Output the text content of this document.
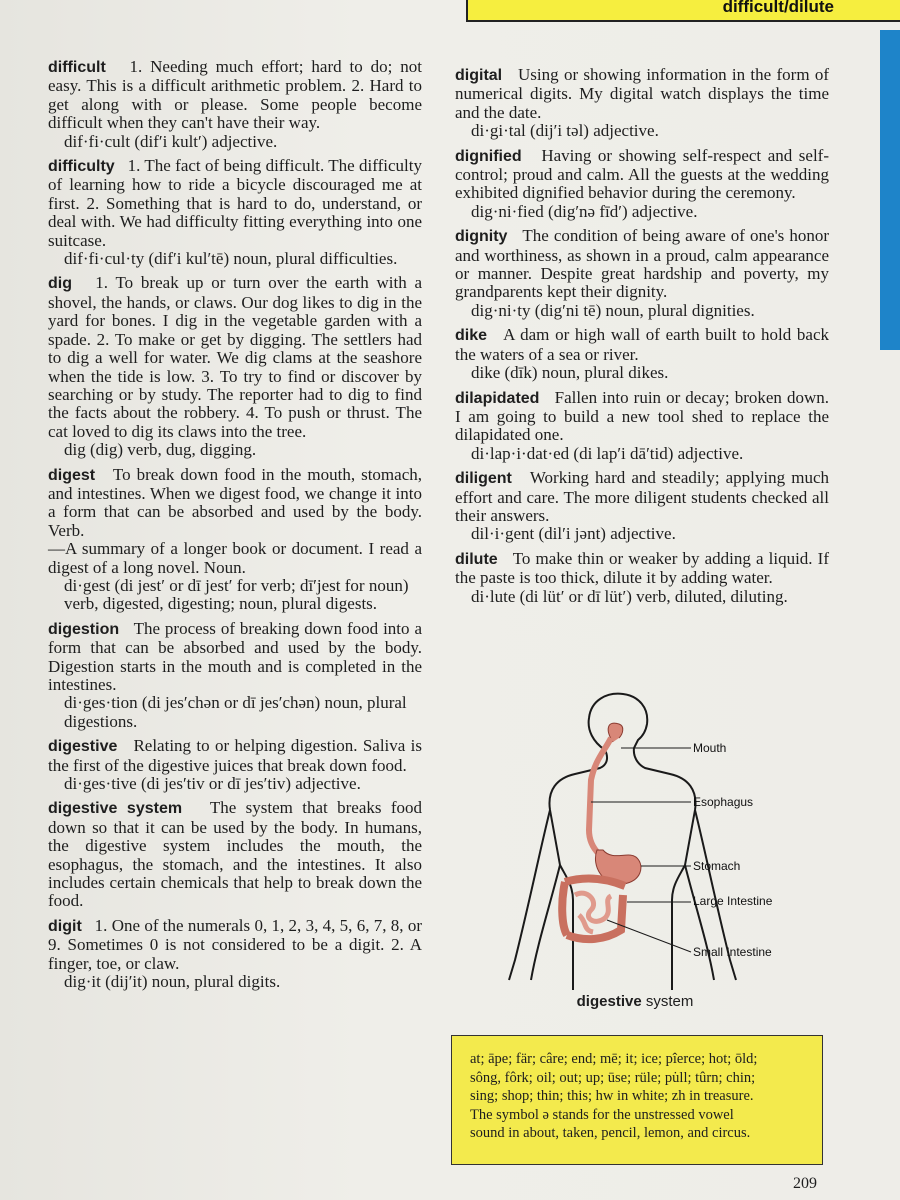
difficult/dilute
difficult 1. Needing much effort; hard to do; not easy. This is a difficult arithmetic problem. 2. Hard to get along with or please. Some people become difficult when they can't have their way.
dif·fi·cult (dif′i kult′) adjective.
difficulty 1. The fact of being difficult. The difficulty of learning how to ride a bicycle discouraged me at first. 2. Something that is hard to do, understand, or deal with. We had difficulty fitting everything into one suitcase.
dif·fi·cul·ty (dif′i kul′tē) noun, plural difficulties.
dig 1. To break up or turn over the earth with a shovel, the hands, or claws. Our dog likes to dig in the yard for bones. I dig in the vegetable garden with a spade. 2. To make or get by digging. The settlers had to dig a well for water. We dig clams at the seashore when the tide is low. 3. To try to find or discover by searching or by study. The reporter had to dig to find the facts about the robbery. 4. To push or thrust. The cat loved to dig its claws into the tree.
dig (dig) verb, dug, digging.
digest To break down food in the mouth, stomach, and intestines. When we digest food, we change it into a form that can be absorbed and used by the body. Verb.
—A summary of a longer book or document. I read a digest of a long novel. Noun.
di·gest (di jest′ or dī jest′ for verb; dī′jest for noun) verb, digested, digesting; noun, plural digests.
digestion The process of breaking down food into a form that can be absorbed and used by the body. Digestion starts in the mouth and is completed in the intestines.
di·ges·tion (di jes′chən or dī jes′chən) noun, plural digestions.
digestive Relating to or helping digestion. Saliva is the first of the digestive juices that break down food.
di·ges·tive (di jes′tiv or dī jes′tiv) adjective.
digestive system The system that breaks food down so that it can be used by the body. In humans, the digestive system includes the mouth, the esophagus, the stomach, and the intestines. It also includes certain chemicals that help to break down the food.
digit 1. One of the numerals 0, 1, 2, 3, 4, 5, 6, 7, 8, or 9. Sometimes 0 is not considered to be a digit. 2. A finger, toe, or claw.
dig·it (dij′it) noun, plural digits.
digital Using or showing information in the form of numerical digits. My digital watch displays the time and the date.
di·gi·tal (dij′i təl) adjective.
dignified Having or showing self-respect and self-control; proud and calm. All the guests at the wedding exhibited dignified behavior during the ceremony.
dig·ni·fied (dig′nə fīd′) adjective.
dignity The condition of being aware of one's honor and worthiness, as shown in a proud, calm appearance or manner. Despite great hardship and poverty, my grandparents kept their dignity.
dig·ni·ty (dig′ni tē) noun, plural dignities.
dike A dam or high wall of earth built to hold back the waters of a sea or river.
dike (dīk) noun, plural dikes.
dilapidated Fallen into ruin or decay; broken down. I am going to build a new tool shed to replace the dilapidated one.
di·lap·i·dat·ed (di lap′i dā′tid) adjective.
diligent Working hard and steadily; applying much effort and care. The more diligent students checked all their answers.
dil·i·gent (dil′i jənt) adjective.
dilute To make thin or weaker by adding a liquid. If the paste is too thick, dilute it by adding water.
di·lute (di lüt′ or dī lüt′) verb, diluted, diluting.
Mouth
Esophagus
Stomach
Large Intestine
Small Intestine
digestive system
at; āpe; fär; câre; end; mē; it; ice; pîerce; hot; ōld;
sông, fôrk; oil; out; up; ūse; rüle; pu̇ll; tûrn; chin;
sing; shop; thin; this; hw in white; zh in treasure.
The symbol ə stands for the unstressed vowel
sound in about, taken, pencil, lemon, and circus.
209
